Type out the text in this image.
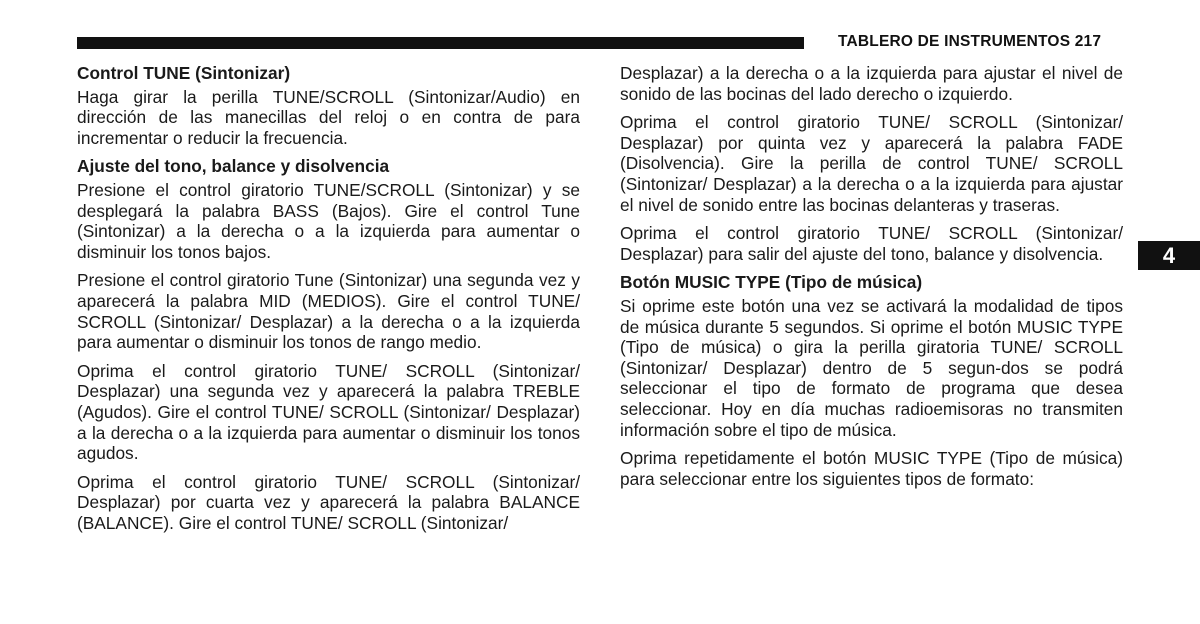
TABLERO DE INSTRUMENTOS 217
Control TUNE (Sintonizar)

Haga girar la perilla TUNE/SCROLL (Sintonizar/Audio) en dirección de las manecillas del reloj o en contra de para incrementar o reducir la frecuencia.

Ajuste del tono, balance y disolvencia

Presione el control giratorio TUNE/SCROLL (Sintonizar) y se desplegará la palabra BASS (Bajos). Gire el control Tune (Sintonizar) a la derecha o a la izquierda para aumentar o disminuir los tonos bajos.

Presione el control giratorio Tune (Sintonizar) una segunda vez y aparecerá la palabra MID (MEDIOS). Gire el control TUNE/ SCROLL (Sintonizar/ Desplazar) a la derecha o a la izquierda para aumentar o disminuir los tonos de rango medio.

Oprima el control giratorio TUNE/ SCROLL (Sintonizar/ Desplazar) una segunda vez y aparecerá la palabra TREBLE (Agudos). Gire el control TUNE/ SCROLL (Sintonizar/ Desplazar) a la derecha o a la izquierda para aumentar o disminuir los tonos agudos.

Oprima el control giratorio TUNE/ SCROLL (Sintonizar/ Desplazar) por cuarta vez y aparecerá la palabra BALANCE (BALANCE). Gire el control TUNE/ SCROLL (Sintonizar/

Desplazar) a la derecha o a la izquierda para ajustar el nivel de sonido de las bocinas del lado derecho o izquierdo.

Oprima el control giratorio TUNE/ SCROLL (Sintonizar/ Desplazar) por quinta vez y aparecerá la palabra FADE (Disolvencia). Gire la perilla de control TUNE/ SCROLL (Sintonizar/ Desplazar) a la derecha o a la izquierda para ajustar el nivel de sonido entre las bocinas delanteras y traseras.

Oprima el control giratorio TUNE/ SCROLL (Sintonizar/ Desplazar) para salir del ajuste del tono, balance y disolvencia.

Botón MUSIC TYPE (Tipo de música)

Si oprime este botón una vez se activará la modalidad de tipos de música durante 5 segundos. Si oprime el botón MUSIC TYPE (Tipo de música) o gira la perilla giratoria TUNE/ SCROLL (Sintonizar/ Desplazar) dentro de 5 segun-dos se podrá seleccionar el tipo de formato de programa que desea seleccionar. Hoy en día muchas radioemisoras no transmiten información sobre el tipo de música.

Oprima repetidamente el botón MUSIC TYPE (Tipo de música) para seleccionar entre los siguientes tipos de formato:

4
